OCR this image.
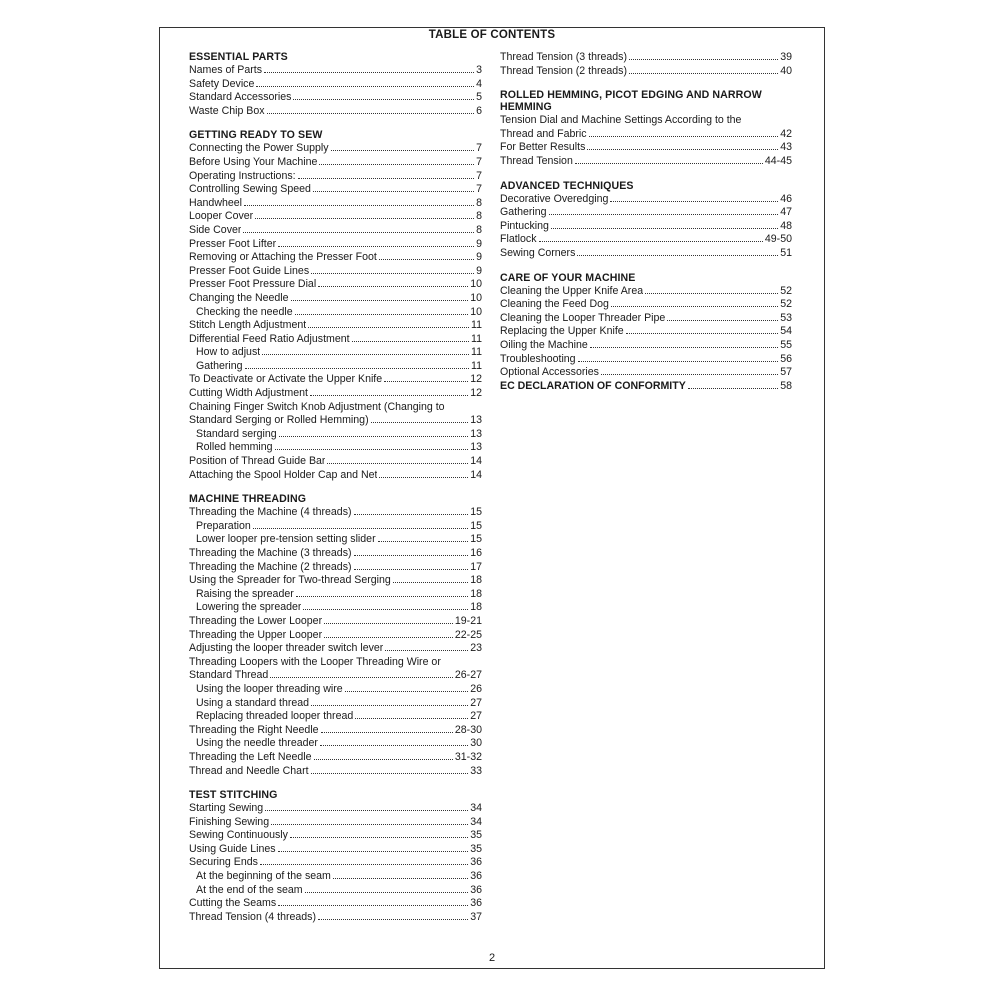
TABLE OF CONTENTS
ESSENTIAL PARTS
Names of Parts	3
Safety Device	4
Standard Accessories	5
Waste Chip Box	6
GETTING READY TO SEW
Connecting the Power Supply	7
Before Using Your Machine	7
Operating Instructions:	7
Controlling Sewing Speed	7
Handwheel	8
Looper Cover	8
Side Cover	8
Presser Foot Lifter	9
Removing or Attaching the Presser Foot	9
Presser Foot Guide Lines	9
Presser Foot Pressure Dial	10
Changing the Needle	10
Checking the needle	10
Stitch Length Adjustment	11
Differential Feed Ratio Adjustment	11
How to adjust	11
Gathering	11
To Deactivate or Activate the Upper Knife	12
Cutting Width Adjustment	12
Chaining Finger Switch Knob Adjustment (Changing to
Standard Serging or Rolled Hemming)	13
Standard serging	13
Rolled hemming	13
Position of Thread Guide Bar	14
Attaching the Spool Holder Cap and Net	14
MACHINE THREADING
Threading the Machine (4 threads)	15
Preparation	15
Lower looper pre-tension setting slider	15
Threading the Machine (3 threads)	16
Threading the Machine (2 threads)	17
Using the Spreader for Two-thread Serging	18
Raising the spreader	18
Lowering the spreader	18
Threading the Lower Looper	19-21
Threading the Upper Looper	22-25
Adjusting the looper threader switch lever	23
Threading Loopers with the Looper Threading Wire or
Standard Thread	26-27
Using the looper threading wire	26
Using a standard thread	27
Replacing threaded looper thread	27
Threading the Right Needle	28-30
Using the needle threader	30
Threading the Left Needle	31-32
Thread and Needle Chart	33
TEST STITCHING
Starting Sewing	34
Finishing Sewing	34
Sewing Continuously	35
Using Guide Lines	35
Securing Ends	36
At the beginning of the seam	36
At the end of the seam	36
Cutting the Seams	36
Thread Tension (4 threads)	37
Thread Tension (3 threads)	39
Thread Tension (2 threads)	40
ROLLED HEMMING, PICOT EDGING AND NARROW HEMMING
Tension Dial and Machine Settings According to the
Thread and Fabric	42
For Better Results	43
Thread Tension	44-45
ADVANCED TECHNIQUES
Decorative Overedging	46
Gathering	47
Pintucking	48
Flatlock	49-50
Sewing Corners	51
CARE OF YOUR MACHINE
Cleaning the Upper Knife Area	52
Cleaning the Feed Dog	52
Cleaning the Looper Threader Pipe	53
Replacing the Upper Knife	54
Oiling the Machine	55
Troubleshooting	56
Optional Accessories	57
EC DECLARATION OF CONFORMITY	58
2
